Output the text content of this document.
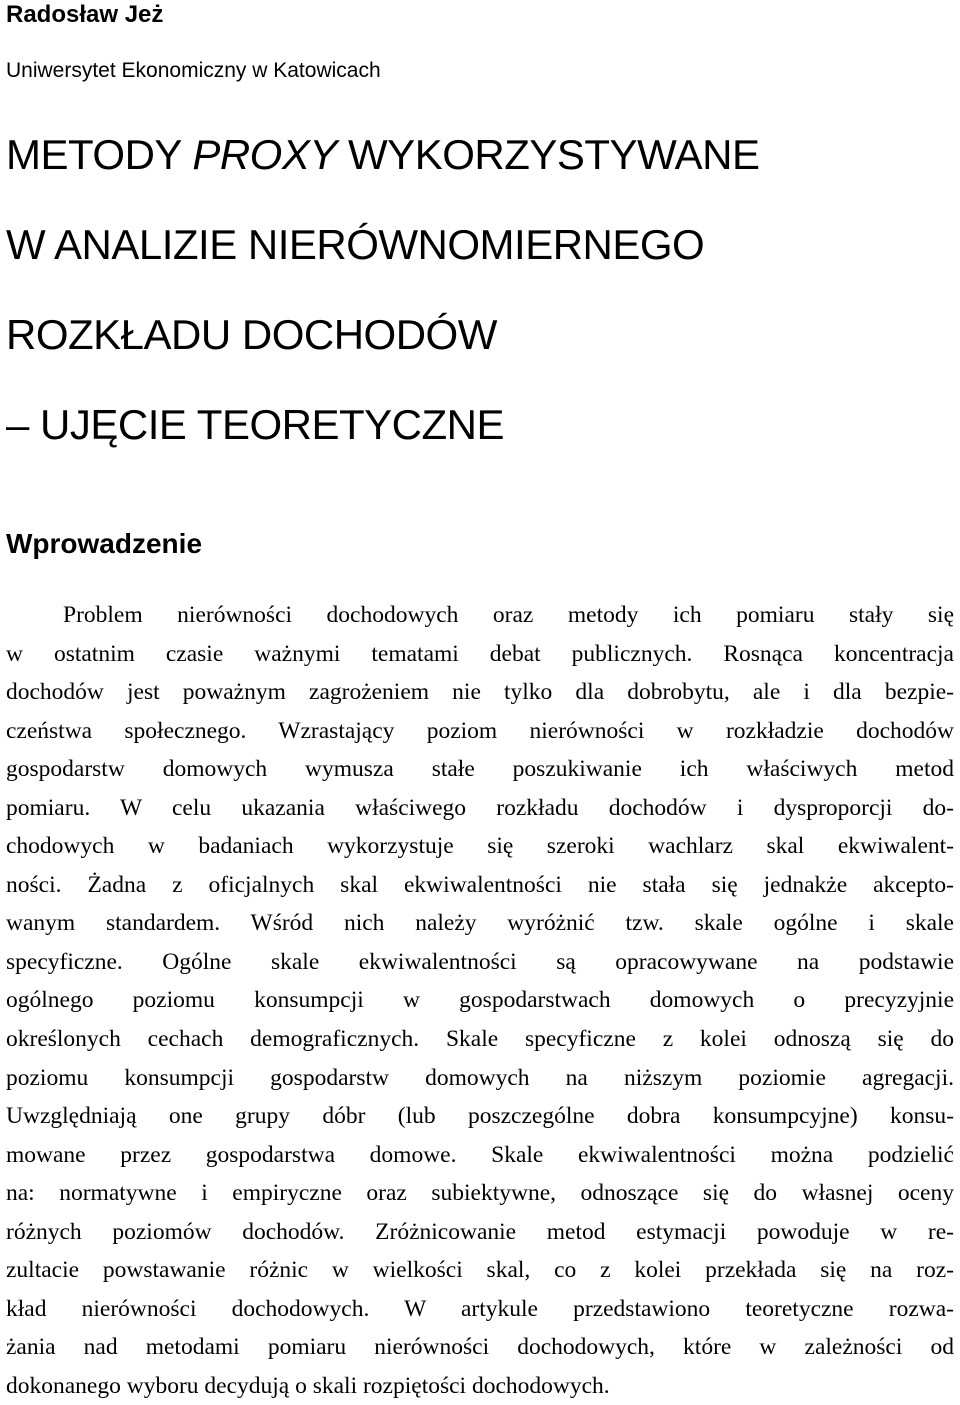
Radosław Jeż

Uniwersytet Ekonomiczny w Katowicach

METODY PROXY WYKORZYSTYWANE
W ANALIZIE NIERÓWNOMIERNEGO
ROZKŁADU DOCHODÓW
– UJĘCIE TEORETYCZNE
Wprowadzenie
Problem nierówności dochodowych oraz metody ich pomiaru stały się
w ostatnim czasie ważnymi tematami debat publicznych. Rosnąca koncentracja
dochodów jest poważnym zagrożeniem nie tylko dla dobrobytu, ale i dla bezpie-
czeństwa społecznego. Wzrastający poziom nierówności w rozkładzie dochodów
gospodarstw domowych wymusza stałe poszukiwanie ich właściwych metod
pomiaru. W celu ukazania właściwego rozkładu dochodów i dysproporcji do-
chodowych w badaniach wykorzystuje się szeroki wachlarz skal ekwiwalent-
ności. Żadna z oficjalnych skal ekwiwalentności nie stała się jednakże akcepto-
wanym standardem. Wśród nich należy wyróżnić tzw. skale ogólne i skale
specyficzne. Ogólne skale ekwiwalentności są opracowywane na podstawie
ogólnego poziomu konsumpcji w gospodarstwach domowych o precyzyjnie
określonych cechach demograficznych. Skale specyficzne z kolei odnoszą się do
poziomu konsumpcji gospodarstw domowych na niższym poziomie agregacji.
Uwzględniają one grupy dóbr (lub poszczególne dobra konsumpcyjne) konsu-
mowane przez gospodarstwa domowe. Skale ekwiwalentności można podzielić
na: normatywne i empiryczne oraz subiektywne, odnoszące się do własnej oceny
różnych poziomów dochodów. Zróżnicowanie metod estymacji powoduje w re-
zultacie powstawanie różnic w wielkości skal, co z kolei przekłada się na roz-
kład nierówności dochodowych. W artykule przedstawiono teoretyczne rozwa-
żania nad metodami pomiaru nierówności dochodowych, które w zależności od
dokonanego wyboru decydują o skali rozpiętości dochodowych.
